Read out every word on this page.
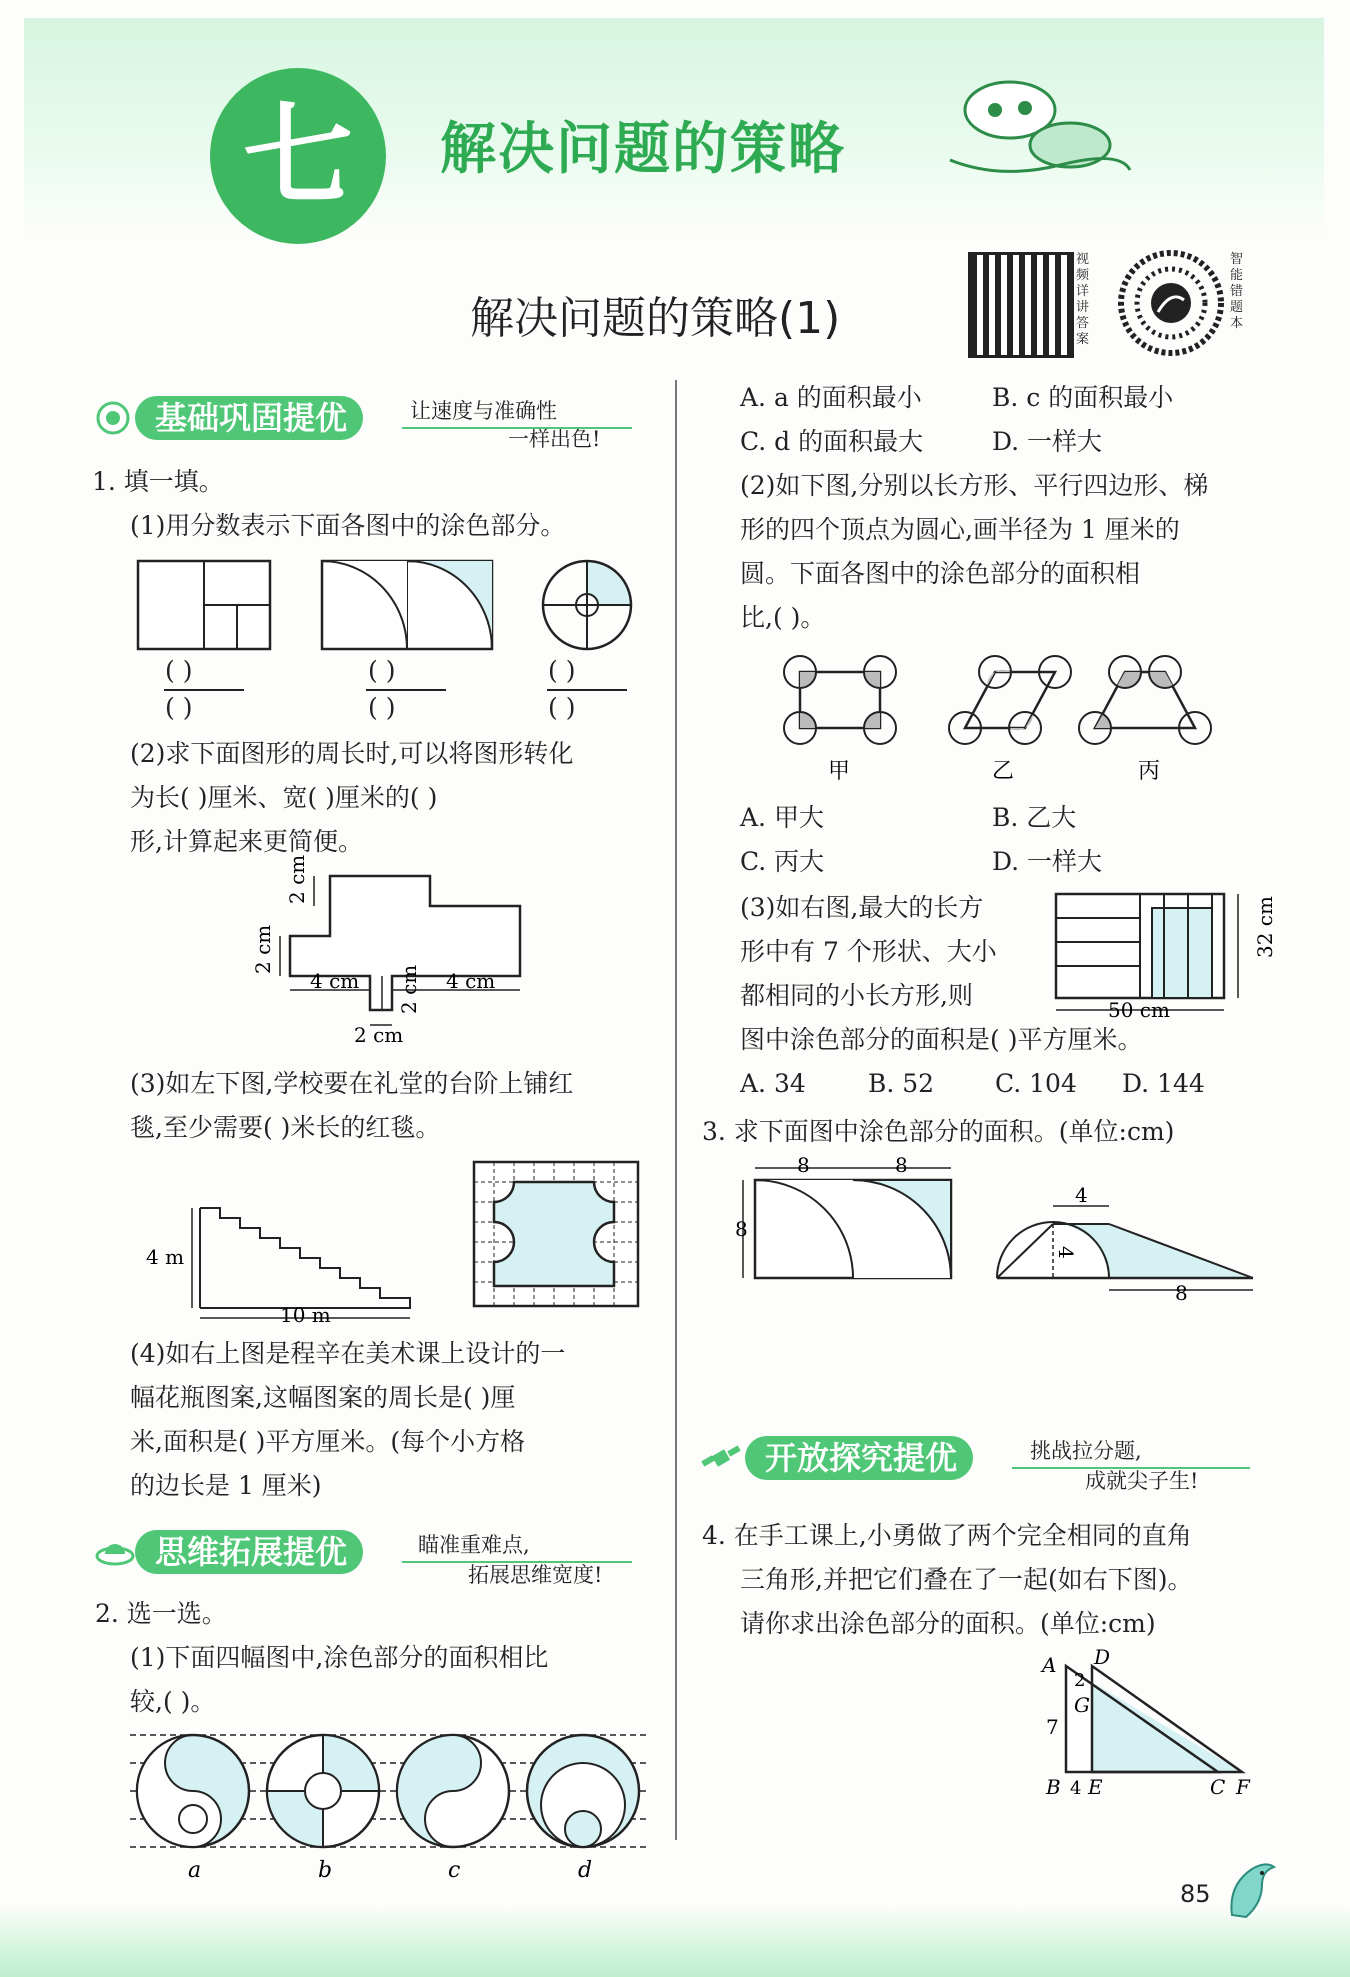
七	解决问题的策略
解决问题的策略(1)
视频详讲答案
智能错题本
基础巩固提优	让速度与准确性
一样出色!
1. 填一填。
(1)用分数表示下面各图中的涂色部分。
( )
( )
( )
( )
( )
( )
(2)求下面图形的周长时,可以将图形转化
为长( )厘米、宽( )厘米的( )
形,计算起来更简便。
2 cm
2 cm
4 cm 2 cm 4 cm
2 cm
(3)如左下图,学校要在礼堂的台阶上铺红
毯,至少需要( )米长的红毯。
4 m
10 m
(4)如右上图是程辛在美术课上设计的一
幅花瓶图案,这幅图案的周长是( )厘
米,面积是( )平方厘米。(每个小方格
的边长是 1 厘米)
思维拓展提优	瞄准重难点,
拓展思维宽度!
2. 选一选。
(1)下面四幅图中,涂色部分的面积相比
较,( )。
a	b	c	d
A. a 的面积最小	B. c 的面积最小
C. d 的面积最大	D. 一样大
(2)如下图,分别以长方形、平行四边形、梯
形的四个顶点为圆心,画半径为 1 厘米的
圆。下面各图中的涂色部分的面积相
比,( )。
甲	乙	丙
A. 甲大	B. 乙大
C. 丙大	D. 一样大
(3)如右图,最大的长方
形中有 7 个形状、大小
都相同的小长方形,则
图中涂色部分的面积是( )平方厘米。
50 cm
32 cm
A. 34 B. 52 C. 104 D. 144
3. 求下面图中涂色部分的面积。(单位:cm)
8	8
8
4
4
8
开放探究提优	挑战拉分题,
成就尖子生!
4. 在手工课上,小勇做了两个完全相同的直角
三角形,并把它们叠在了一起(如右下图)。
请你求出涂色部分的面积。(单位:cm)
A D
2
G
7
B 4 E	C F
85
